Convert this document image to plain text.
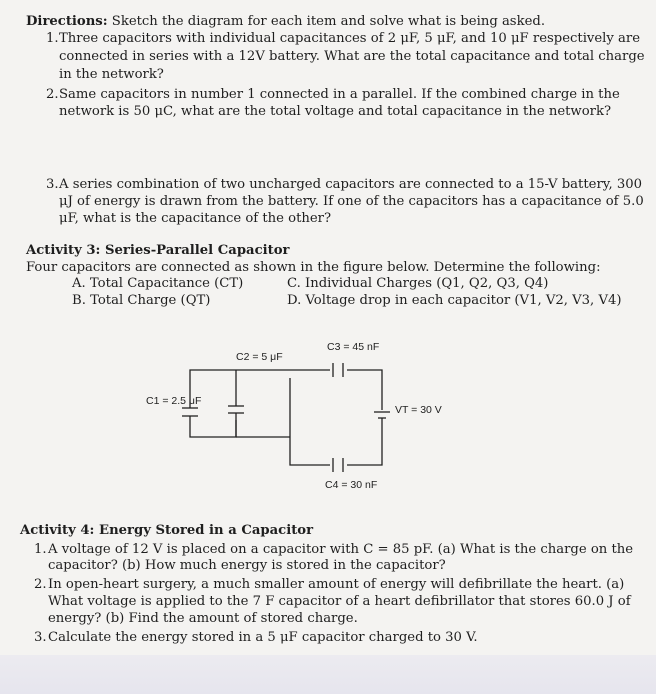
Directions: Sketch the diagram for each item and solve what is being asked.
1. Three capacitors with individual capacitances of 2 μF, 5 μF, and 10 μF respectively are
connected in series with a 12V battery. What are the total capacitance and total charge
in the network?
2. Same capacitors in number 1 connected in a parallel. If the combined charge in the
network is 50 μC, what are the total voltage and total capacitance in the network?
3. A series combination of two uncharged capacitors are connected to a 15-V battery, 300
μJ of energy is drawn from the battery. If one of the capacitors has a capacitance of 5.0
μF, what is the capacitance of the other?
Activity 3: Series-Parallel Capacitor
Four capacitors are connected as shown in the figure below. Determine the following:
A. Total Capacitance (CT)	C. Individual Charges (Q1, Q2, Q3, Q4)
B. Total Charge (QT)	D. Voltage drop in each capacitor (V1, V2, V3, V4)
C2 = 5 μF
C3 = 45 nF
C1 = 2.5 μF
VT = 30 V
C4 = 30 nF
Activity 4: Energy Stored in a Capacitor
1. A voltage of 12 V is placed on a capacitor with C = 85 pF. (a) What is the charge on the
capacitor? (b) How much energy is stored in the capacitor?
2. In open-heart surgery, a much smaller amount of energy will defibrillate the heart. (a)
What voltage is applied to the 7 F capacitor of a heart defibrillator that stores 60.0 J of
energy? (b) Find the amount of stored charge.
3. Calculate the energy stored in a 5 μF capacitor charged to 30 V.
